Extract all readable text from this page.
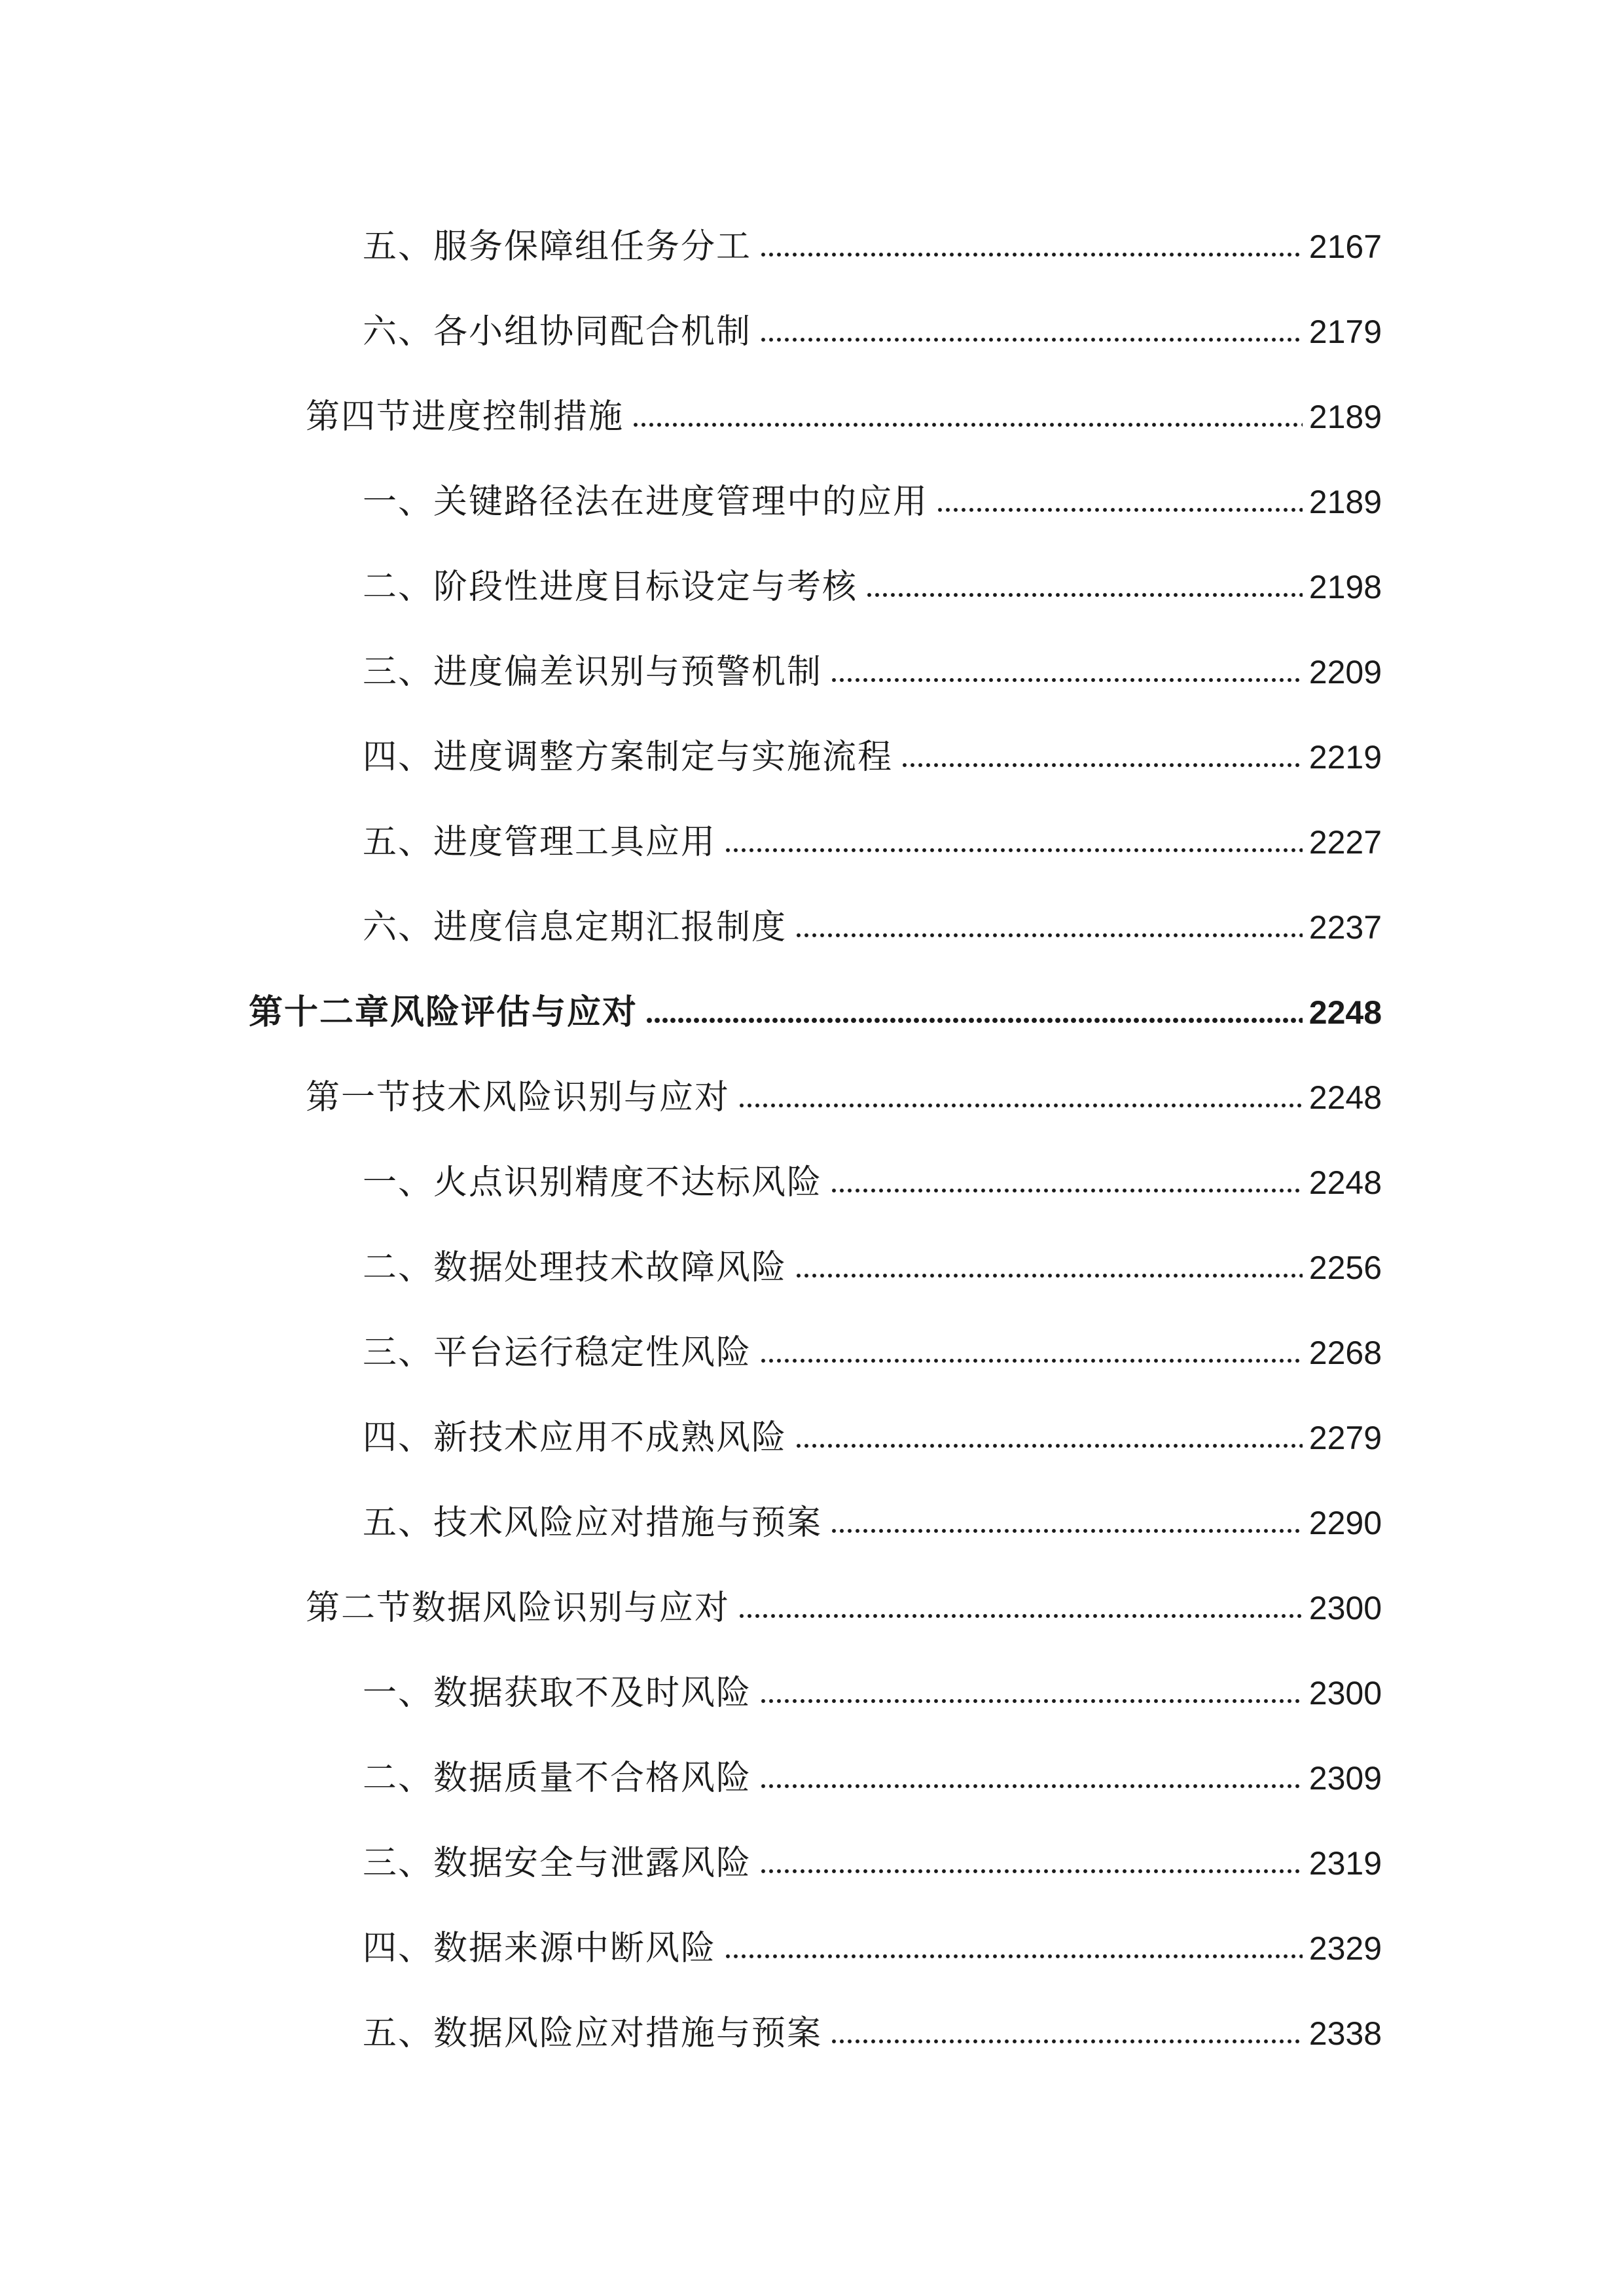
五、服务保障组任务分工	2167
六、各小组协同配合机制	2179
第四节进度控制措施	2189
一、关键路径法在进度管理中的应用	2189
二、阶段性进度目标设定与考核	2198
三、进度偏差识别与预警机制	2209
四、进度调整方案制定与实施流程	2219
五、进度管理工具应用	2227
六、进度信息定期汇报制度	2237
第十二章风险评估与应对	2248
第一节技术风险识别与应对	2248
一、火点识别精度不达标风险	2248
二、数据处理技术故障风险	2256
三、平台运行稳定性风险	2268
四、新技术应用不成熟风险	2279
五、技术风险应对措施与预案	2290
第二节数据风险识别与应对	2300
一、数据获取不及时风险	2300
二、数据质量不合格风险	2309
三、数据安全与泄露风险	2319
四、数据来源中断风险	2329
五、数据风险应对措施与预案	2338
